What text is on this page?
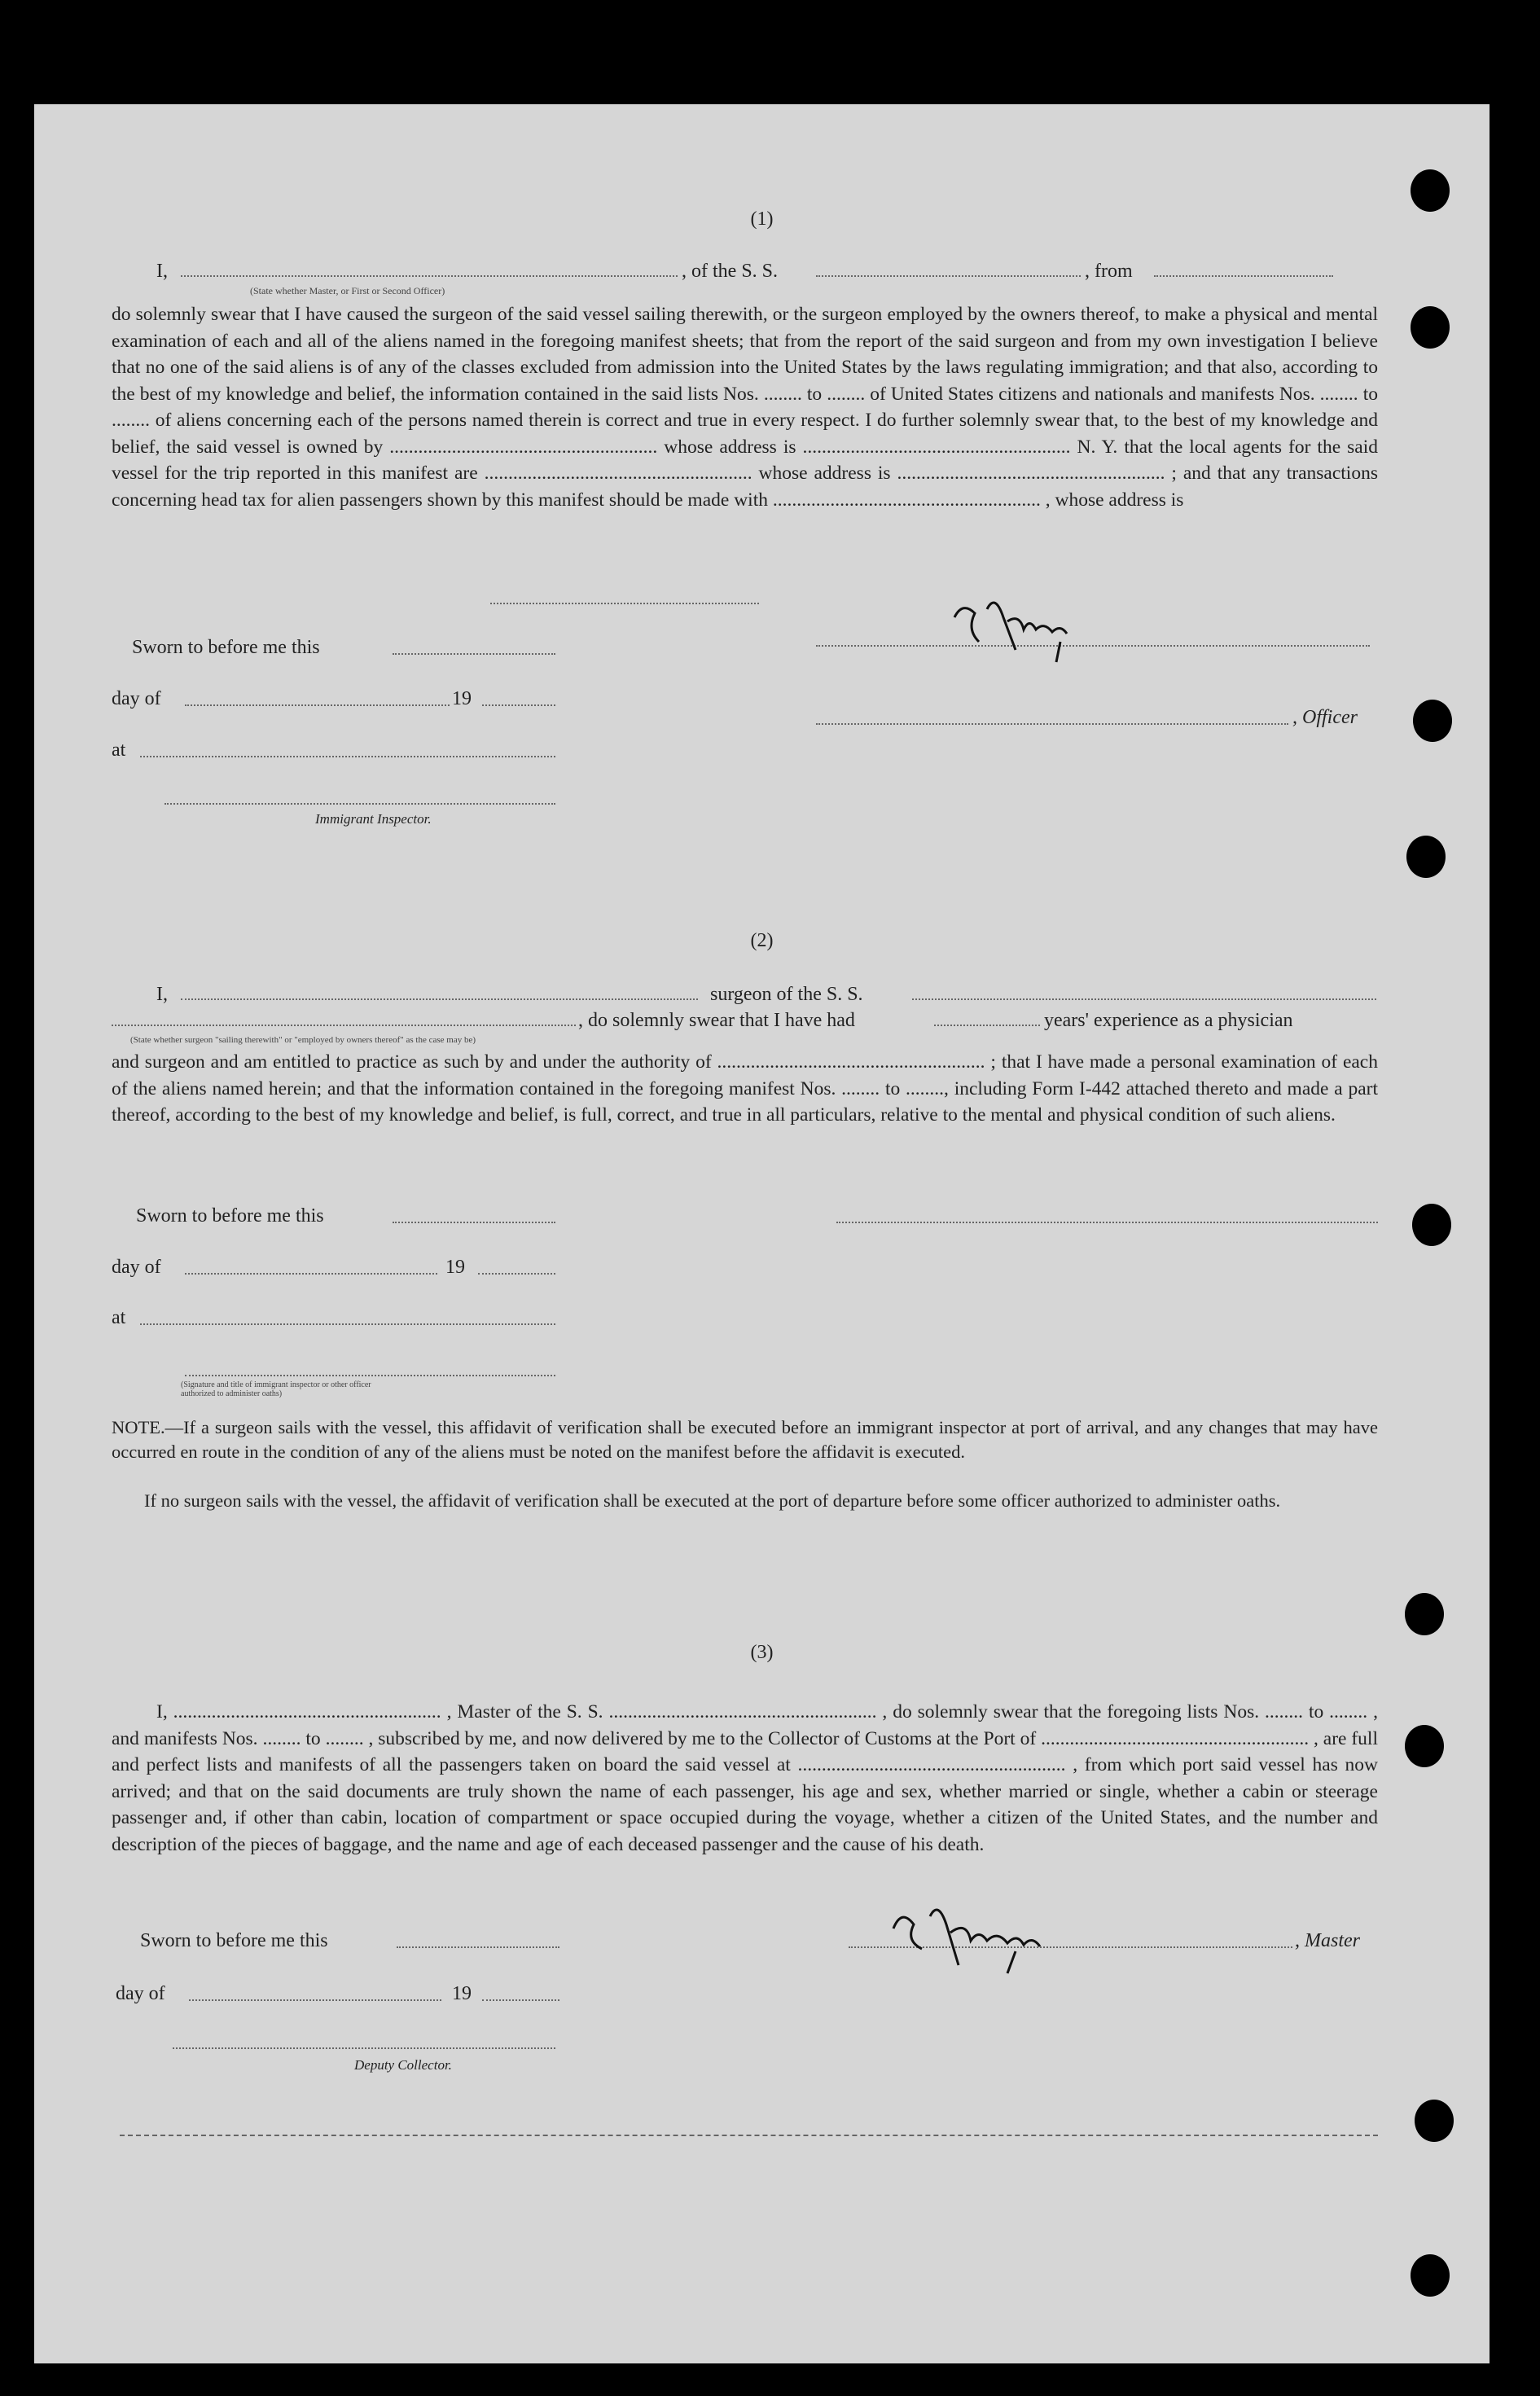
(1)
I,	, of the S. S.	, from
(State whether Master, or First or Second Officer)
do solemnly swear that I have caused the surgeon of the said vessel sailing therewith, or the surgeon employed by the owners thereof, to make a physical and mental examination of each and all of the aliens named in the foregoing manifest sheets; that from the report of the said surgeon and from my own investigation I believe that no one of the said aliens is of any of the classes excluded from admission into the United States by the laws regulating immigration; and that also, according to the best of my knowledge and belief, the information contained in the said lists Nos. ........ to ........ of United States citizens and nationals and manifests Nos. ........ to ........ of aliens concerning each of the persons named therein is correct and true in every respect. I do further solemnly swear that, to the best of my knowledge and belief, the said vessel is owned by ........................................................ whose address is ........................................................ N. Y. that the local agents for the said vessel for the trip reported in this manifest are ........................................................ whose address is ........................................................ ; and that any transactions concerning head tax for alien passengers shown by this manifest should be made with ........................................................ , whose address is
Sworn to before me this
day of	19
, Officer
at
Immigrant Inspector.
(2)
I,	surgeon of the S. S.
, do solemnly swear that I have had	years' experience as a physician
(State whether surgeon "sailing therewith" or "employed by owners thereof" as the case may be)
and surgeon and am entitled to practice as such by and under the authority of ........................................................ ; that I have made a personal examination of each of the aliens named herein; and that the information contained in the foregoing manifest Nos. ........ to ........, including Form I-442 attached thereto and made a part thereof, according to the best of my knowledge and belief, is full, correct, and true in all particulars, relative to the mental and physical condition of such aliens.
Sworn to before me this
day of	19
at
(Signature and title of immigrant inspector or other officer authorized to administer oaths)
NOTE.—If a surgeon sails with the vessel, this affidavit of verification shall be executed before an immigrant inspector at port of arrival, and any changes that may have occurred en route in the condition of any of the aliens must be noted on the manifest before the affidavit is executed.
If no surgeon sails with the vessel, the affidavit of verification shall be executed at the port of departure before some officer authorized to administer oaths.
(3)
I, ........................................................ , Master of the S. S. ........................................................ , do solemnly swear that the foregoing lists Nos. ........ to ........ , and manifests Nos. ........ to ........ , subscribed by me, and now delivered by me to the Collector of Customs at the Port of ........................................................ , are full and perfect lists and manifests of all the passengers taken on board the said vessel at ........................................................ , from which port said vessel has now arrived; and that on the said documents are truly shown the name of each passenger, his age and sex, whether married or single, whether a cabin or steerage passenger and, if other than cabin, location of compartment or space occupied during the voyage, whether a citizen of the United States, and the number and description of the pieces of baggage, and the name and age of each deceased passenger and the cause of his death.
Sworn to before me this	, Master
day of	19
Deputy Collector.
